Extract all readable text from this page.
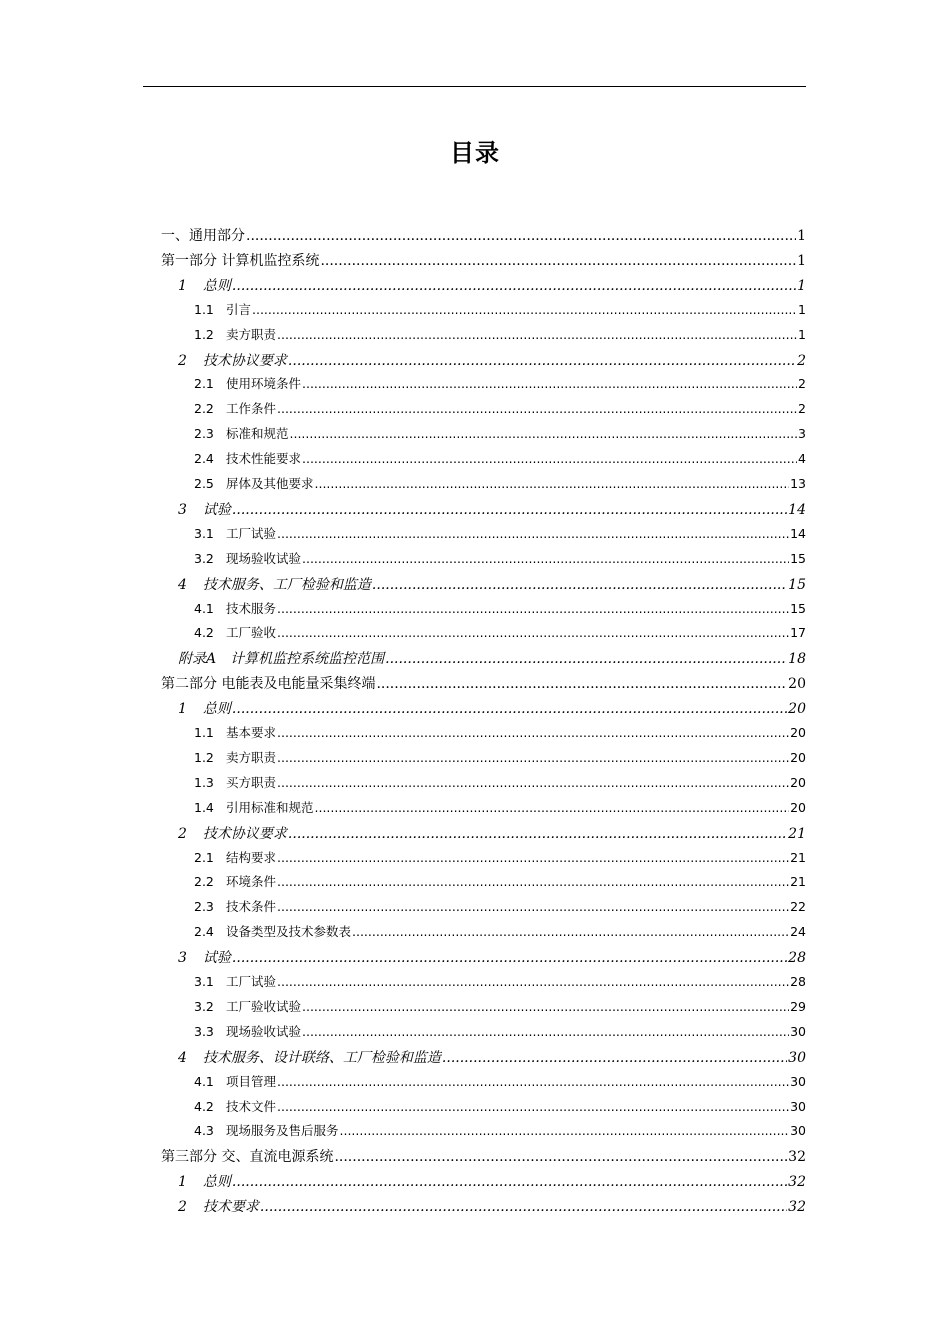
目录
一、通用部分 .....	1
第一部分 计算机监控系统 .....	1
1 总则 .....	1
1.1 引言 .....	1
1.2 卖方职责 .....	1
2 技术协议要求 .....	2
2.1 使用环境条件 .....	2
2.2 工作条件 .....	2
2.3 标准和规范 .....	3
2.4 技术性能要求 .....	4
2.5 屏体及其他要求 .....	13
3 试验 .....	14
3.1 工厂试验 .....	14
3.2 现场验收试验 .....	15
4 技术服务、工厂检验和监造 .....	15
4.1 技术服务 .....	15
4.2 工厂验收 .....	17
附录A 计算机监控系统监控范围 .....	18
第二部分 电能表及电能量采集终端 .....	20
1 总则 .....	20
1.1 基本要求 .....	20
1.2 卖方职责 .....	20
1.3 买方职责 .....	20
1.4 引用标准和规范 .....	20
2 技术协议要求 .....	21
2.1 结构要求 .....	21
2.2 环境条件 .....	21
2.3 技术条件 .....	22
2.4 设备类型及技术参数表 .....	24
3 试验 .....	28
3.1 工厂试验 .....	28
3.2 工厂验收试验 .....	29
3.3 现场验收试验 .....	30
4 技术服务、设计联络、工厂检验和监造 .....	30
4.1 项目管理 .....	30
4.2 技术文件 .....	30
4.3 现场服务及售后服务 .....	30
第三部分 交、直流电源系统 .....	32
1 总则 .....	32
2 技术要求 .....	32
